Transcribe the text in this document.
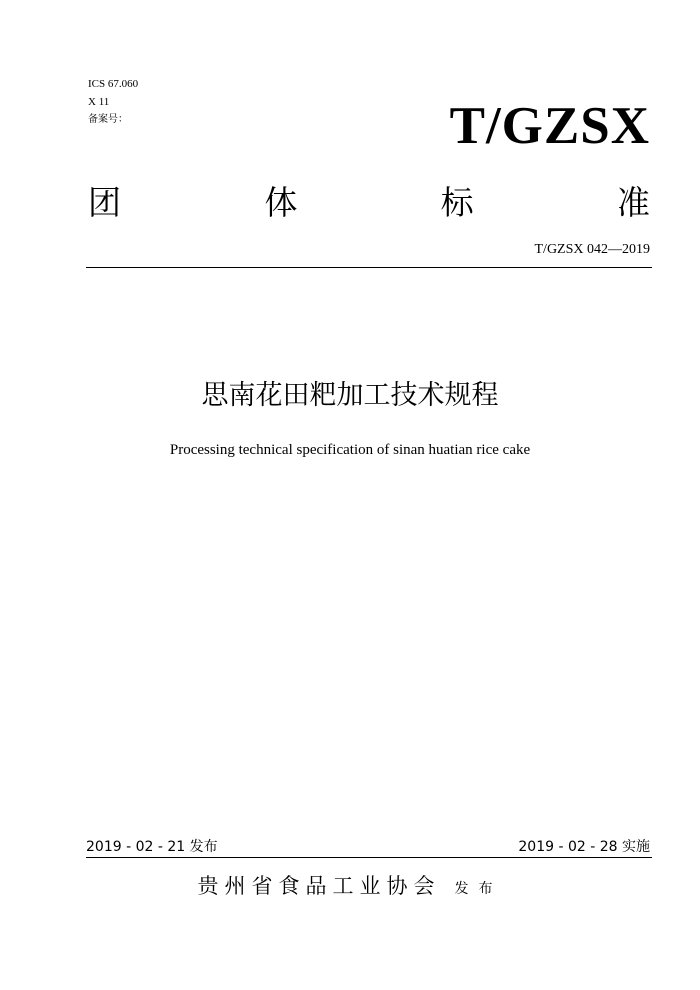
ICS 67.060
X 11
备案号：	T/GZSX
团	体	标	准
T/GZSX 042—2019
思南花田粑加工技术规程
Processing technical specification of sinan huatian rice cake
2019 - 02 - 21 发布	2019 - 02 - 28 实施
贵州省食品工业协会 发布
